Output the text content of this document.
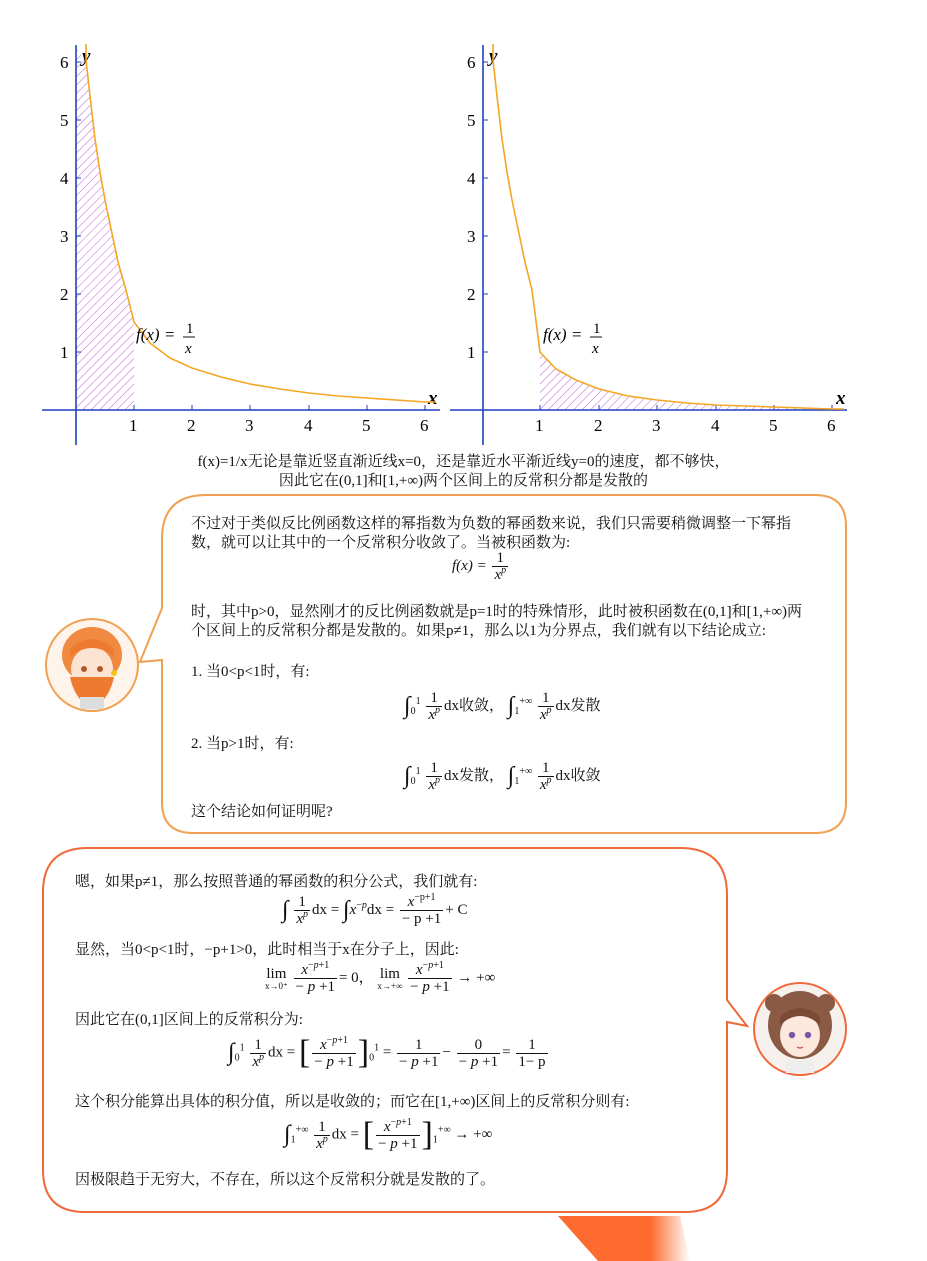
1	2	3	4	5	6
1
2
3
4
5
6
x
y
f(x) = 1
x
1	2	3	4	5	6
1
2
3
4
5
6
x
y
f(x) = 1
x
f(x)=1/x无论是靠近竖直渐近线x=0，还是靠近水平渐近线y=0的速度，都不够快，
因此它在(0,1]和[1,+∞)两个区间上的反常积分都是发散的
不过对于类似反比例函数这样的幂指数为负数的幂函数来说，我们只需要稍微调整一下幂指数，就可以让其中的一个反常积分收敛了。当被积函数为:
$f(x) = \frac{1}{x^p}$
时，其中p>0，显然刚才的反比例函数就是p=1时的特殊情形，此时被积函数在(0,1]和[1,+∞)两个区间上的反常积分都是发散的。如果p≠1，那么以1为分界点，我们就有以下结论成立:
1. 当0<p<1时，有:
$\int_0^1 \frac{1}{x^p}$ dx收敛， $\int_1^{+\infty} \frac{1}{x^p}$ dx发散
2. 当p>1时，有:
$\int_0^1 \frac{1}{x^p}$ dx发散， $\int_1^{+\infty} \frac{1}{x^p}$ dx收敛
这个结论如何证明呢?
嗯，如果p≠1，那么按照普通的幂函数的积分公式，我们就有:
∫ $\frac{1}{x^p}$ dx = $\int x^{-p}dx = \frac{x^{-p+1}}{- p +1} + C$
显然，当0<p<1时，−p+1>0，此时相当于x在分子上，因此:
lim
x→0⁺
$\frac{x^{-p+1}}{- p +1} = 0$， lim
x→+∞
$\frac{x^{-p+1}}{- p +1}$ → +∞
因此它在(0,1]区间上的反常积分为:
$\int_0^1 \frac{1}{x^p}$ dx = [ $\frac{x^{-p+1}}{- p +1} ]_0^1 = \frac{1}{- p +1} - \frac{0}{- p +1} = \frac{1}{1- p}$
这个积分能算出具体的积分值，所以是收敛的；而它在[1,+∞)区间上的反常积分则有:
$\int_1^{+\infty} \frac{1}{x^p}$ dx = [ $\frac{x^{-p+1}}{- p +1} ]_1^{+\infty}$ → +∞
因极限趋于无穷大，不存在，所以这个反常积分就是发散的了。
